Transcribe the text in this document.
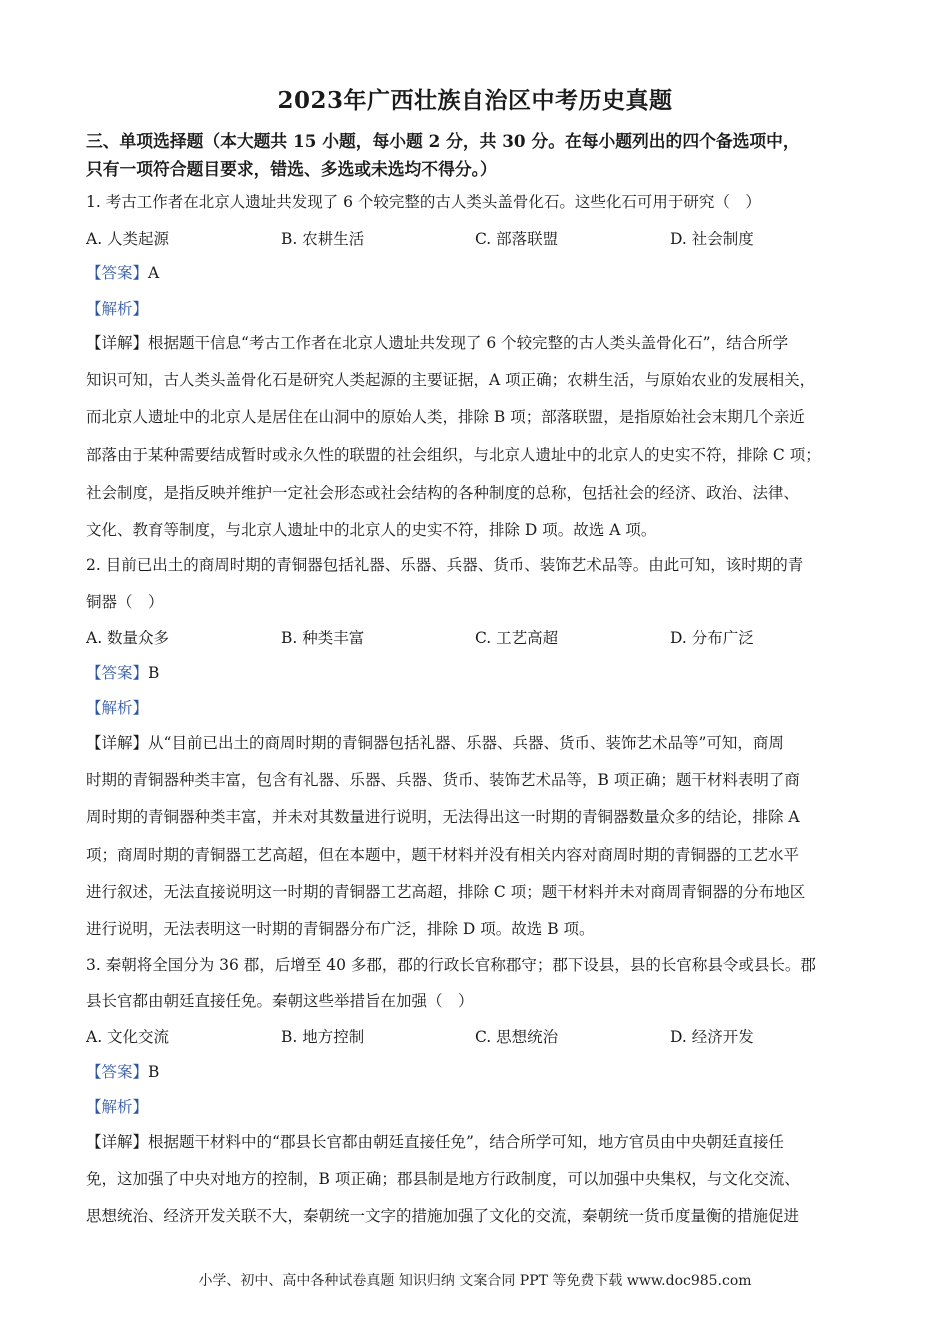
2023年广西壮族自治区中考历史真题
三、单项选择题（本大题共 15 小题，每小题 2 分，共 30 分。在每小题列出的四个备选项中，
只有一项符合题目要求，错选、多选或未选均不得分。）
1. 考古工作者在北京人遗址共发现了 6 个较完整的古人类头盖骨化石。这些化石可用于研究（　）
A. 人类起源	B. 农耕生活	C. 部落联盟	D. 社会制度
【答案】A
【解析】
【详解】根据题干信息“考古工作者在北京人遗址共发现了 6 个较完整的古人类头盖骨化石”，结合所学
知识可知，古人类头盖骨化石是研究人类起源的主要证据，A 项正确；农耕生活，与原始农业的发展相关，
而北京人遗址中的北京人是居住在山洞中的原始人类，排除 B 项；部落联盟，是指原始社会末期几个亲近
部落由于某种需要结成暂时或永久性的联盟的社会组织，与北京人遗址中的北京人的史实不符，排除 C 项；
社会制度，是指反映并维护一定社会形态或社会结构的各种制度的总称，包括社会的经济、政治、法律、
文化、教育等制度，与北京人遗址中的北京人的史实不符，排除 D 项。故选 A 项。
2. 目前已出土的商周时期的青铜器包括礼器、乐器、兵器、货币、装饰艺术品等。由此可知，该时期的青
铜器（　）
A. 数量众多	B. 种类丰富	C. 工艺高超	D. 分布广泛
【答案】B
【解析】
【详解】从“目前已出土的商周时期的青铜器包括礼器、乐器、兵器、货币、装饰艺术品等”可知，商周
时期的青铜器种类丰富，包含有礼器、乐器、兵器、货币、装饰艺术品等，B 项正确；题干材料表明了商
周时期的青铜器种类丰富，并未对其数量进行说明，无法得出这一时期的青铜器数量众多的结论，排除 A
项；商周时期的青铜器工艺高超，但在本题中，题干材料并没有相关内容对商周时期的青铜器的工艺水平
进行叙述，无法直接说明这一时期的青铜器工艺高超，排除 C 项；题干材料并未对商周青铜器的分布地区
进行说明，无法表明这一时期的青铜器分布广泛，排除 D 项。故选 B 项。
3. 秦朝将全国分为 36 郡，后增至 40 多郡，郡的行政长官称郡守；郡下设县，县的长官称县令或县长。郡
县长官都由朝廷直接任免。秦朝这些举措旨在加强（　）
A. 文化交流	B. 地方控制	C. 思想统治	D. 经济开发
【答案】B
【解析】
【详解】根据题干材料中的“郡县长官都由朝廷直接任免”，结合所学可知，地方官员由中央朝廷直接任
免，这加强了中央对地方的控制，B 项正确；郡县制是地方行政制度，可以加强中央集权，与文化交流、
思想统治、经济开发关联不大，秦朝统一文字的措施加强了文化的交流，秦朝统一货币度量衡的措施促进
小学、初中、高中各种试卷真题 知识归纳 文案合同 PPT 等免费下载 www.doc985.com
